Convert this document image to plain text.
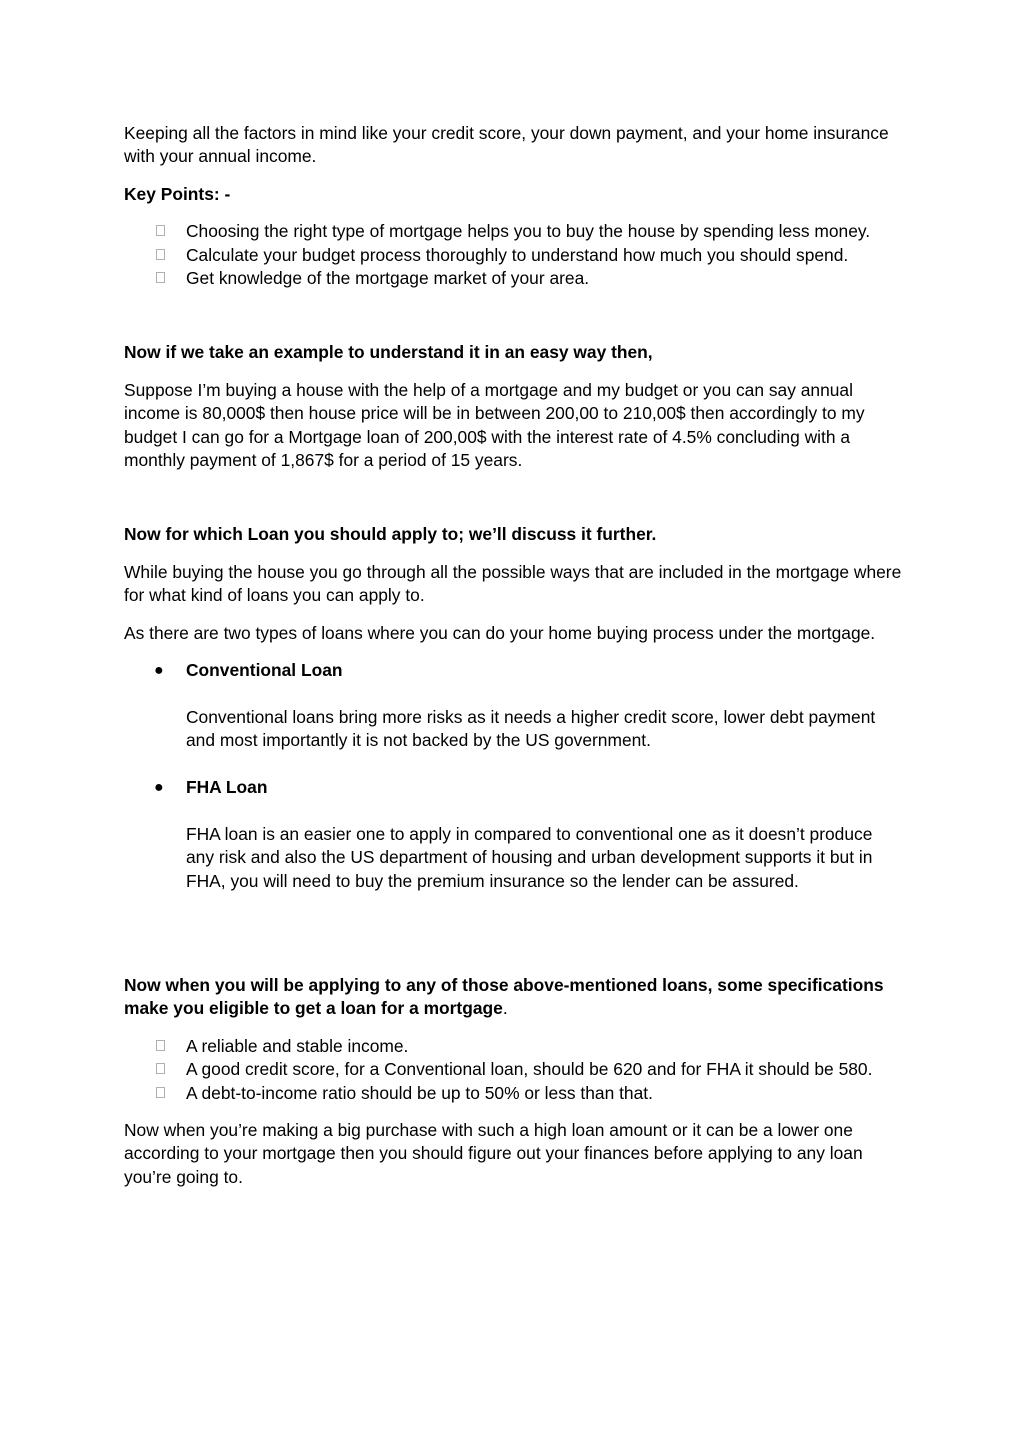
Keeping all the factors in mind like your credit score, your down payment, and your home insurance with your annual income.

Key Points: -

Choosing the right type of mortgage helps you to buy the house by spending less money.
Calculate your budget process thoroughly to understand how much you should spend.
Get knowledge of the mortgage market of your area.

Now if we take an example to understand it in an easy way then,

Suppose I’m buying a house with the help of a mortgage and my budget or you can say annual income is 80,000$ then house price will be in between 200,00 to 210,00$ then accordingly to my budget I can go for a Mortgage loan of 200,00$ with the interest rate of 4.5% concluding with a monthly payment of 1,867$ for a period of 15 years.

Now for which Loan you should apply to; we’ll discuss it further.

While buying the house you go through all the possible ways that are included in the mortgage where for what kind of loans you can apply to.

As there are two types of loans where you can do your home buying process under the mortgage.

● Conventional Loan
Conventional loans bring more risks as it needs a higher credit score, lower debt payment and most importantly it is not backed by the US government.
● FHA Loan
FHA loan is an easier one to apply in compared to conventional one as it doesn’t produce any risk and also the US department of housing and urban development supports it but in FHA, you will need to buy the premium insurance so the lender can be assured.

Now when you will be applying to any of those above-mentioned loans, some specifications make you eligible to get a loan for a mortgage.

A reliable and stable income.
A good credit score, for a Conventional loan, should be 620 and for FHA it should be 580.
A debt-to-income ratio should be up to 50% or less than that.

Now when you’re making a big purchase with such a high loan amount or it can be a lower one according to your mortgage then you should figure out your finances before applying to any loan you’re going to.
